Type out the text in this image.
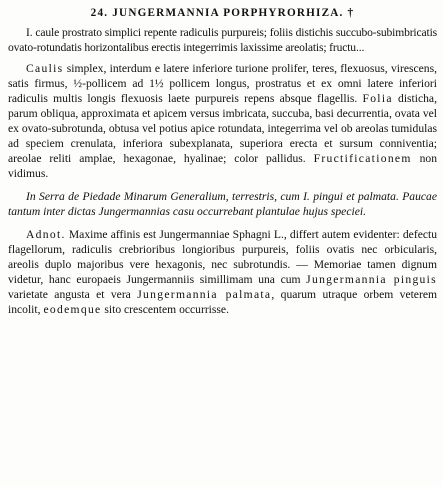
24. JUNGERMANNIA PORPHYRORHIZA. †

I. caule prostrato simplici repente radiculis purpureis; foliis distichis succubo-subimbricatis ovato-rotundatis horizontalibus erectis integerrimis laxissime areolatis; fructu...

Caulis simplex, interdum e latere inferiore turione prolifer, teres, flexuosus, virescens, satis firmus, ½-pollicem ad 1½ pollicem longus, prostratus et ex omni latere inferiori radiculis multis longis flexuosis laete purpureis repens absque flagellis. Folia disticha, parum obliqua, approximata et apicem versus imbricata, succuba, basi decurrentia, ovata vel ex ovato-subrotunda, obtusa vel potius apice rotundata, integerrima vel ob areolas tumidulas ad speciem crenulata, inferiora subexplanata, superiora erecta et sursum conniventia; areolae reliti amplae, hexagonae, hyalinae; color pallidus. Fructificationem non vidimus.

In Serra de Piedade Minarum Generalium, terrestris, cum I. pingui et palmata. Paucae tantum inter dictas Jungermannias casu occurrebant plantulae hujus speciei.

Adnot. Maxime affinis est Jungermanniae Sphagni L., differt autem evidenter: defectu flagellorum, radiculis crebrioribus longioribus purpureis, foliis ovatis nec orbicularis, areolis duplo majoribus vere hexagonis, nec subrotundis. — Memoriae tamen dignum videtur, hanc europaeis Jungermanniis simillimam una cum Jungermannia pinguis varietate angusta et vera Jungermannia palmata, quarum utraque orbem veterem incolit, eodemque sito crescentem occurrisse.
